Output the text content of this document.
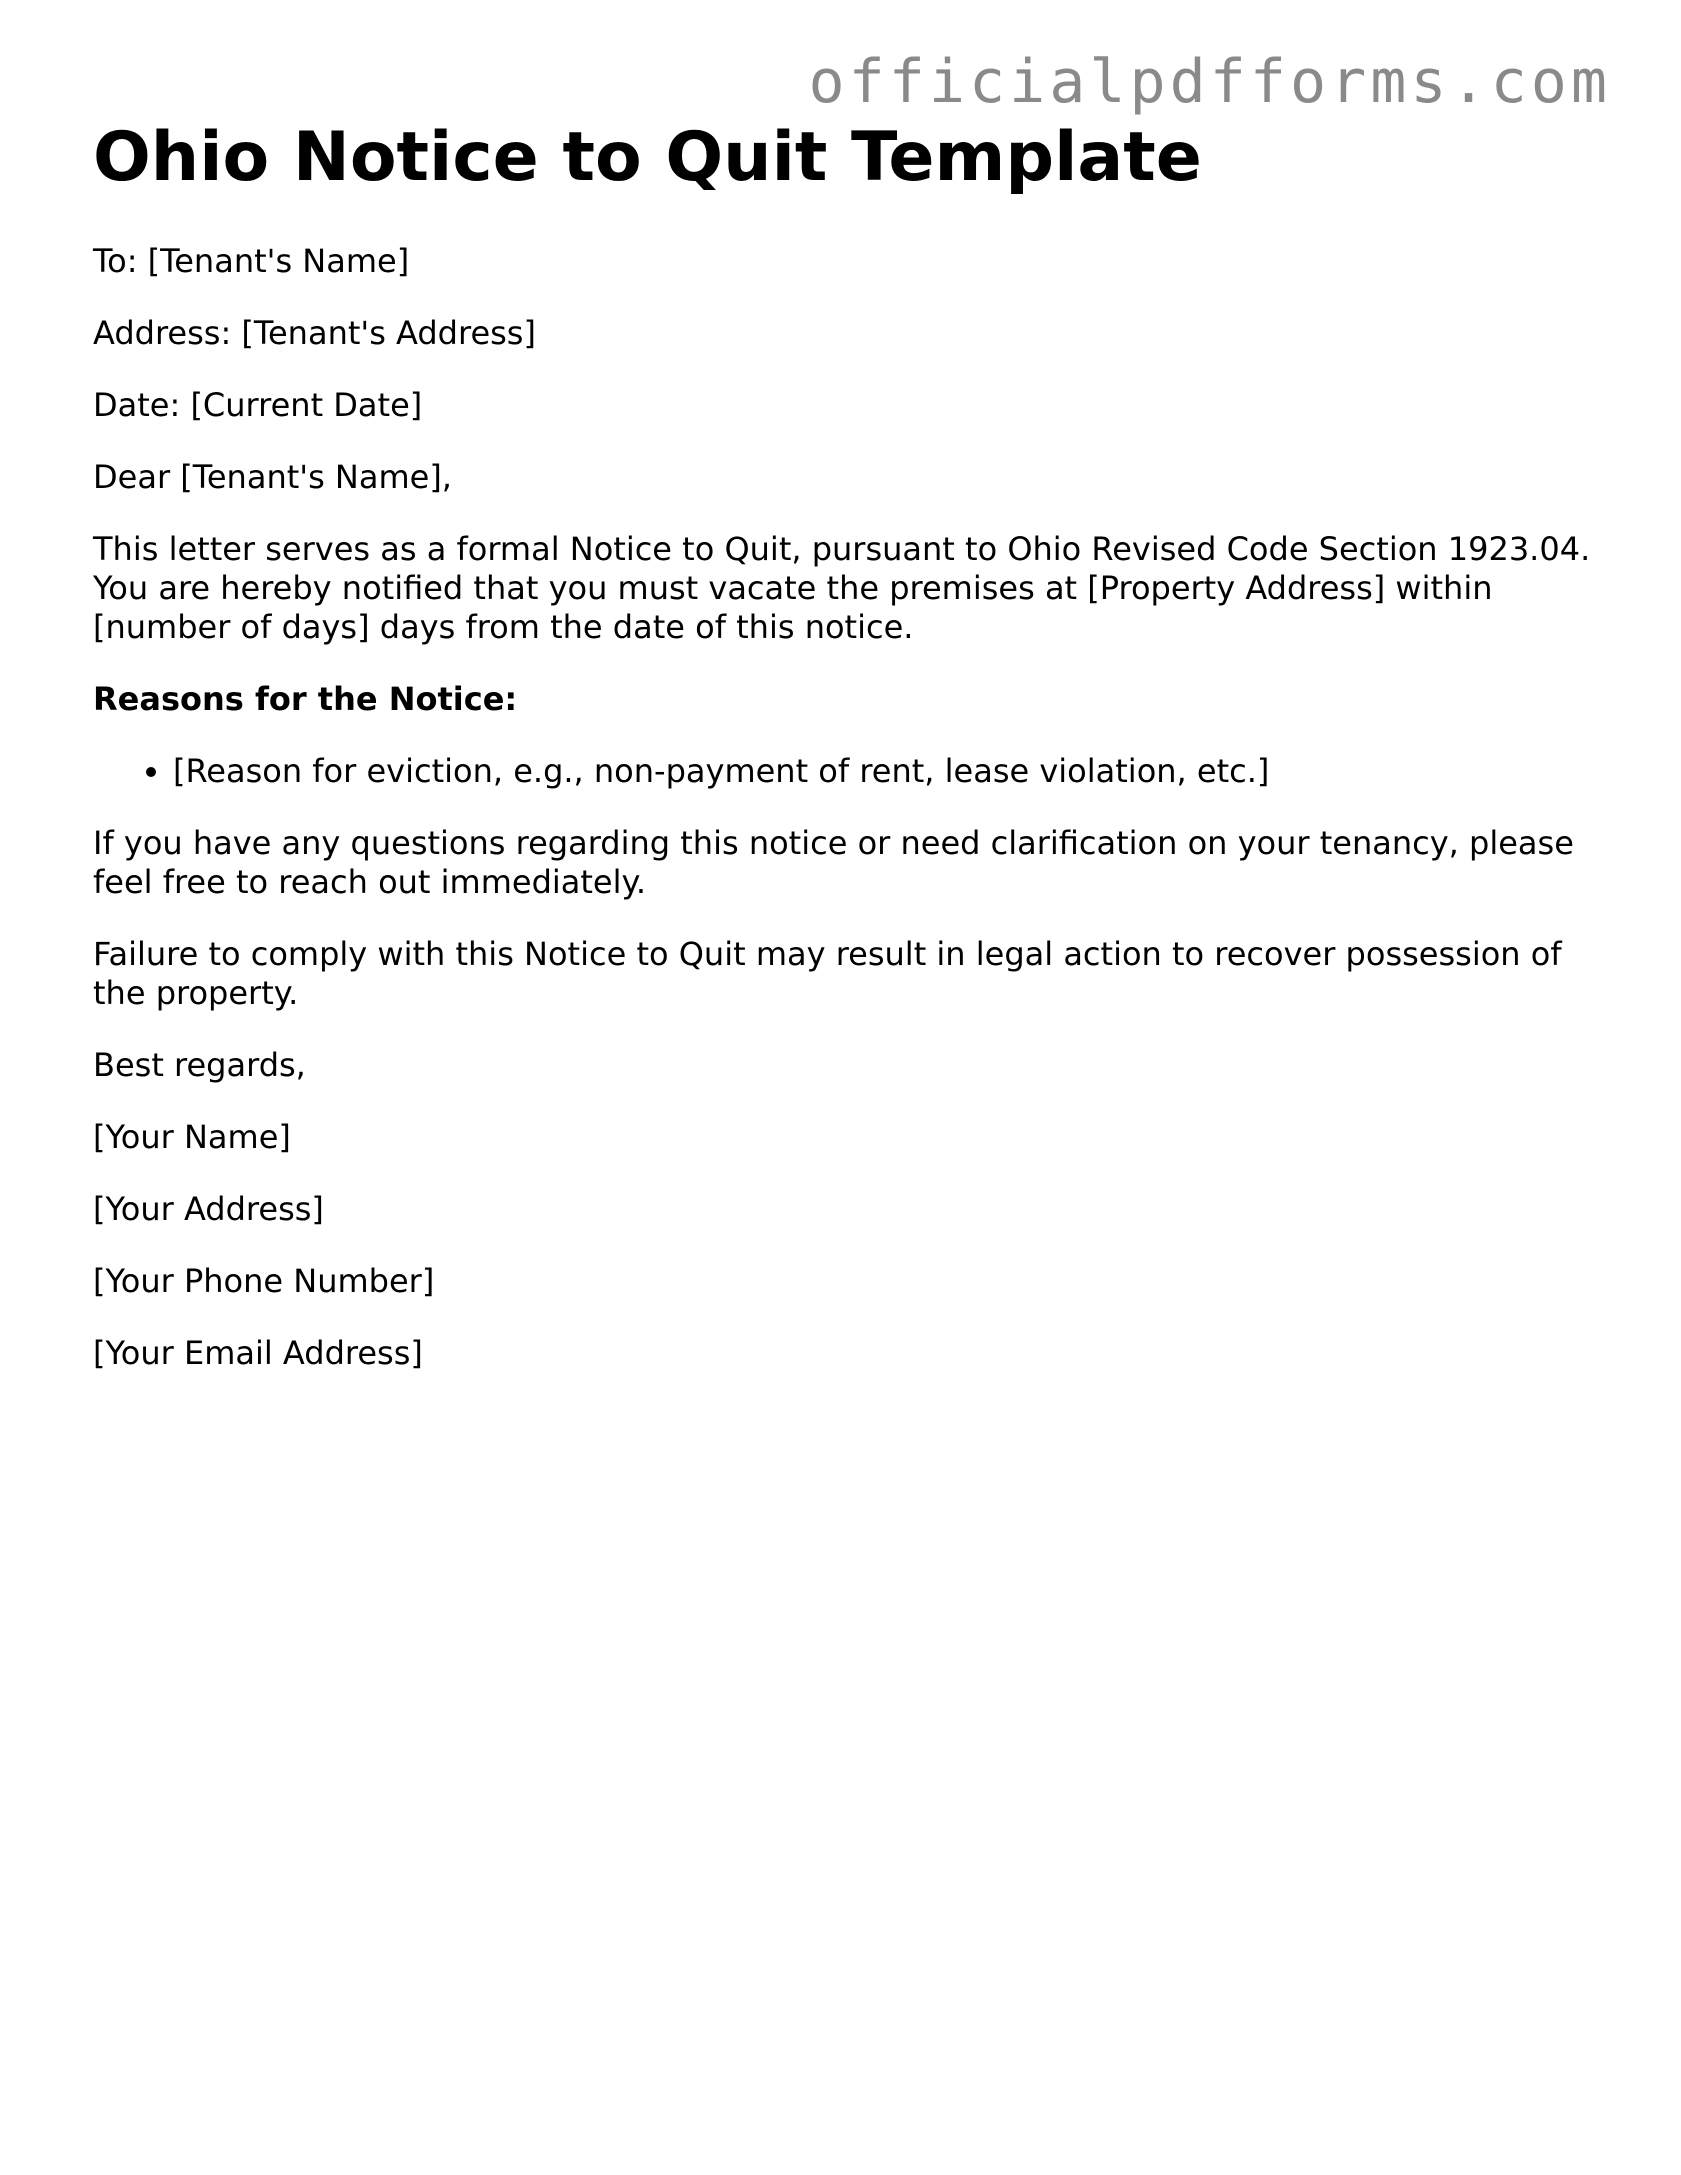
officialpdfforms.com
Ohio Notice to Quit Template

To: [Tenant's Name]

Address: [Tenant's Address]

Date: [Current Date]

Dear [Tenant's Name],

This letter serves as a formal Notice to Quit, pursuant to Ohio Revised Code Section 1923.04. You are hereby notified that you must vacate the premises at [Property Address] within [number of days] days from the date of this notice.

Reasons for the Notice:

• [Reason for eviction, e.g., non-payment of rent, lease violation, etc.]

If you have any questions regarding this notice or need clarification on your tenancy, please feel free to reach out immediately.

Failure to comply with this Notice to Quit may result in legal action to recover possession of the property.

Best regards,

[Your Name]

[Your Address]

[Your Phone Number]

[Your Email Address]
